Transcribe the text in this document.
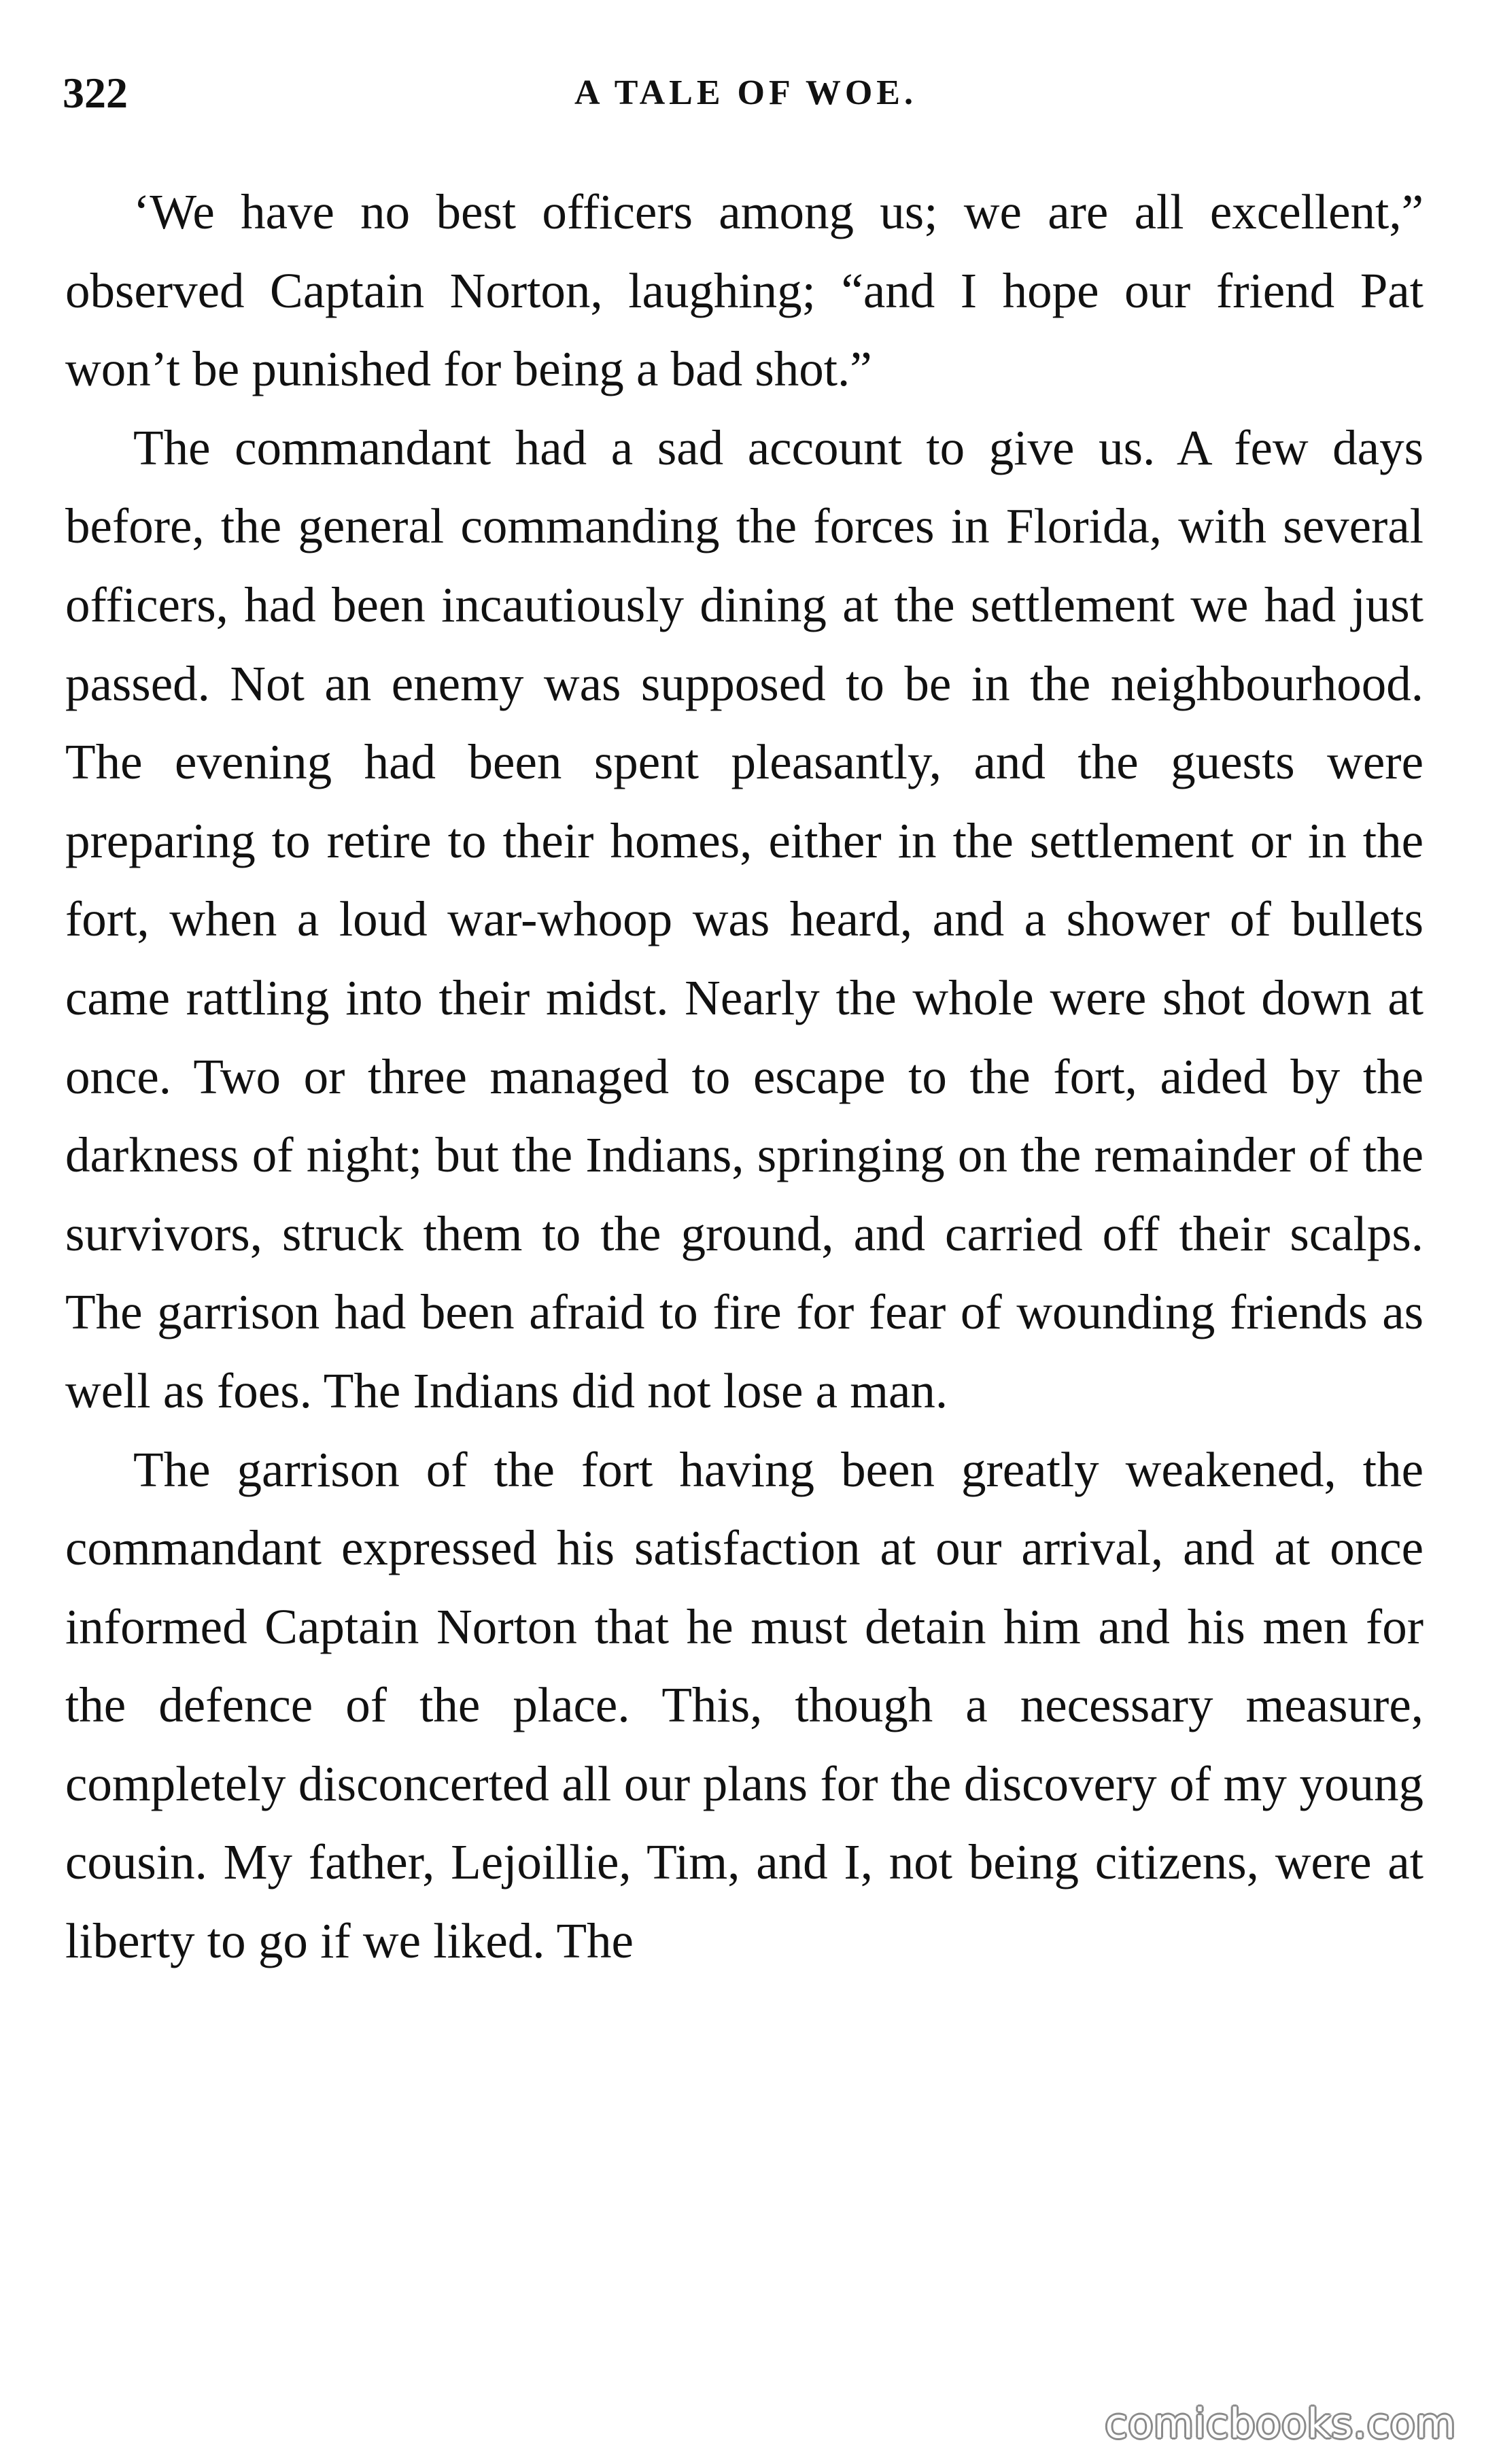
322	A TALE OF WOE.

‘We have no best officers among us; we are all excellent,” observed Captain Norton, laughing; “and I hope our friend Pat won’t be punished for being a bad shot.”

The commandant had a sad account to give us. A few days before, the general commanding the forces in Florida, with several officers, had been incautiously dining at the settlement we had just passed. Not an enemy was supposed to be in the neighbourhood. The evening had been spent pleasantly, and the guests were preparing to retire to their homes, either in the settlement or in the fort, when a loud war-whoop was heard, and a shower of bullets came rattling into their midst. Nearly the whole were shot down at once. Two or three managed to escape to the fort, aided by the darkness of night; but the Indians, springing on the remainder of the survivors, struck them to the ground, and carried off their scalps. The garrison had been afraid to fire for fear of wounding friends as well as foes. The Indians did not lose a man.

The garrison of the fort having been greatly weakened, the commandant expressed his satisfaction at our arrival, and at once informed Captain Norton that he must detain him and his men for the defence of the place. This, though a necessary measure, completely disconcerted all our plans for the discovery of my young cousin. My father, Lejoillie, Tim, and I, not being citizens, were at liberty to go if we liked. The

comicbooks.com
